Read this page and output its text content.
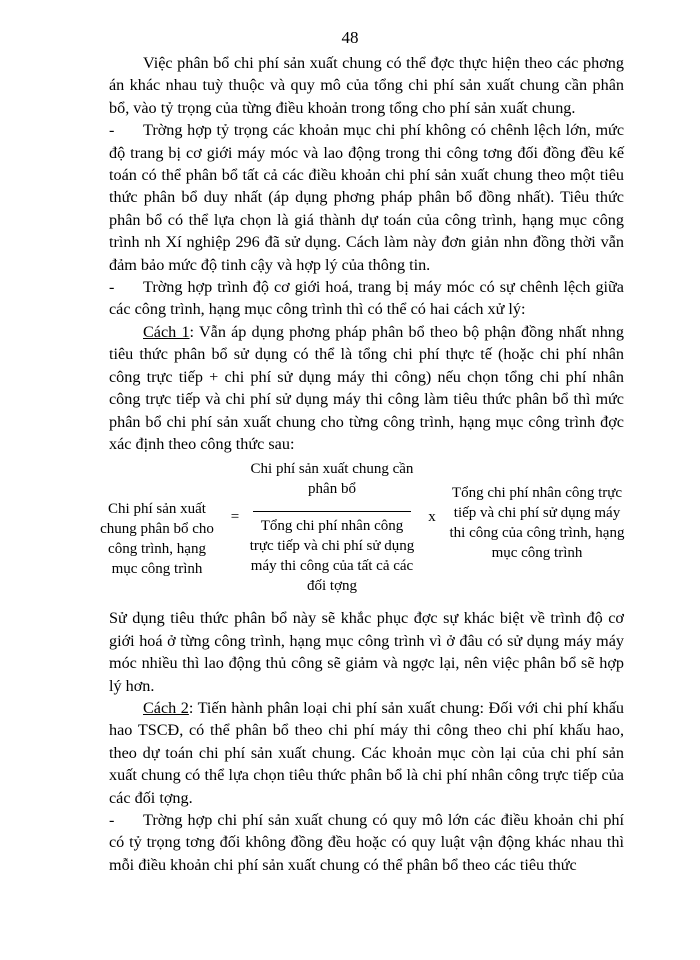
48

Việc phân bổ chi phí sản xuất chung có thể đợc thực hiện theo các phơng án khác nhau tuỳ thuộc và quy mô của tổng chi phí sản xuất chung cần phân bổ, vào tỷ trọng của từng điều khoản trong tổng cho phí sản xuất chung.

- Trờng hợp tỷ trọng các khoản mục chi phí không có chênh lệch lớn, mức độ trang bị cơ giới máy móc và lao động trong thi công tơng đối đồng đều kế toán có thể phân bổ tất cả các điều khoản chi phí sản xuất chung theo một tiêu thức phân bổ duy nhất (áp dụng phơng pháp phân bổ đồng nhất). Tiêu thức phân bổ có thể lựa chọn là giá thành dự toán của công trình, hạng mục công trình nh Xí nghiệp 296 đã sử dụng. Cách làm này đơn giản nhn đồng thời vẫn đảm bảo mức độ tinh cậy và hợp lý của thông tin.

- Trờng hợp trình độ cơ giới hoá, trang bị máy móc có sự chênh lệch giữa các công trình, hạng mục công trình thì có thể có hai cách xử lý:

Cách 1: Vẫn áp dụng phơng pháp phân bổ theo bộ phận đồng nhất nhng tiêu thức phân bổ sử dụng có thể là tổng chi phí thực tế (hoặc chi phí nhân công trực tiếp + chi phí sử dụng máy thi công) nếu chọn tổng chi phí nhân công trực tiếp và chi phí sử dụng máy thi công làm tiêu thức phân bổ thì mức phân bổ chi phí sản xuất chung cho từng công trình, hạng mục công trình đợc xác định theo công thức sau:

Chi phí sản xuất chung phân bổ cho công trình, hạng mục công trình
=
Chi phí sản xuất chung cần phân bổ
Tổng chi phí nhân công trực tiếp và chi phí sử dụng máy thi công của tất cả các đối tợng
x
Tổng chi phí nhân công trực tiếp và chi phí sử dụng máy thi công của công trình, hạng mục công trình

Sử dụng tiêu thức phân bổ này sẽ khắc phục đợc sự khác biệt về trình độ cơ giới hoá ở từng công trình, hạng mục công trình vì ở đâu có sử dụng máy máy móc nhiều thì lao động thủ công sẽ giảm và ngợc lại, nên việc phân bổ sẽ hợp lý hơn.

Cách 2: Tiến hành phân loại chi phí sản xuất chung: Đối với chi phí khấu hao TSCĐ, có thể phân bổ theo chi phí máy thi công theo chi phí khấu hao, theo dự toán chi phí sản xuất chung. Các khoản mục còn lại của chi phí sản xuất chung có thể lựa chọn tiêu thức phân bổ là chi phí nhân công trực tiếp của các đối tợng.

- Trờng hợp chi phí sản xuất chung có quy mô lớn các điều khoản chi phí có tỷ trọng tơng đối không đồng đều hoặc có quy luật vận động khác nhau thì mỗi điều khoản chi phí sản xuất chung có thể phân bổ theo các tiêu thức
